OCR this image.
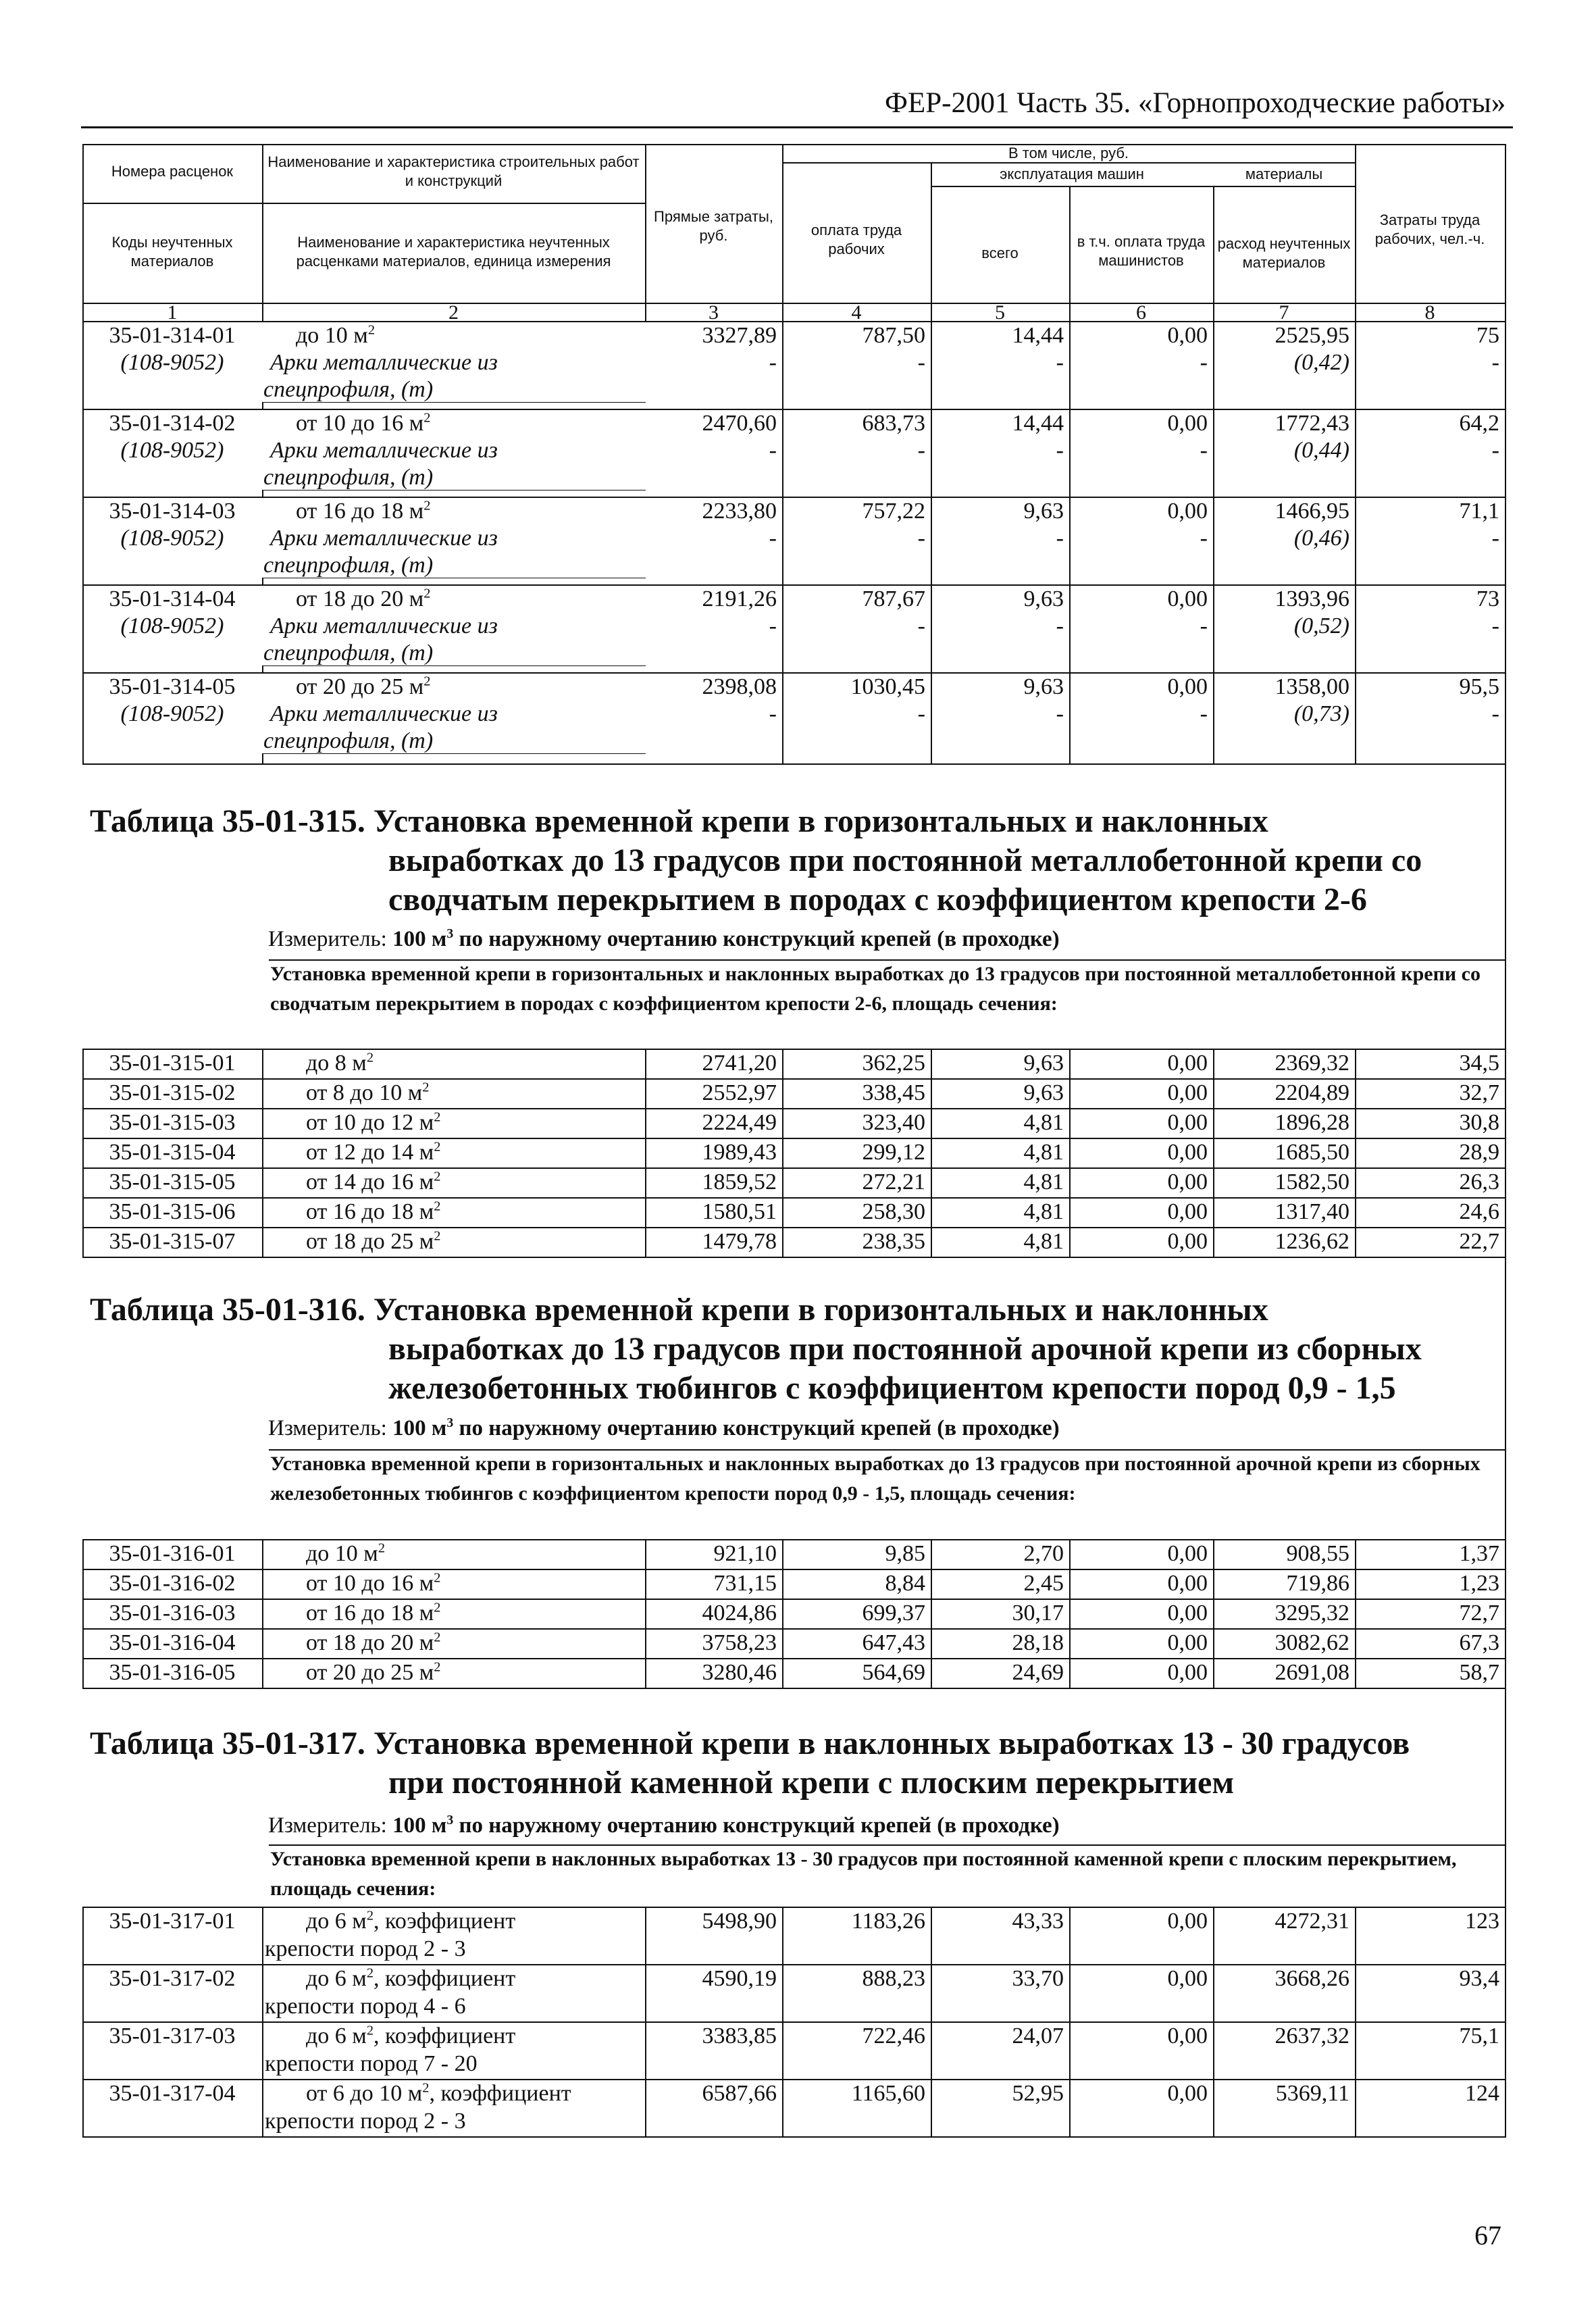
ФЕР-2001 Часть 35. «Горнопроходческие работы»
Номера расценок
Наименование и характеристика строительных работ и конструкций
Коды неучтенных материалов
Наименование и характеристика неучтенных расценками материалов, единица измерения
Прямые затраты, руб.
В том числе, руб.
оплата труда рабочих
эксплуатация машин	материалы
всего
в т.ч. оплата труда машинистов
расход неучтенных материалов
Затраты труда рабочих, чел.-ч.
1	2	3	4	5	6	7	8
35-01-314-01
(108-9052)
до 10 $м^2$
Арки металлические из
спецпрофиля, (т)
3327,89	787,50	14,44	0,00	2525,95	75
-	-	-	-	(0,42)	-
35-01-314-02
(108-9052)
от 10 до 16 $м^2$
Арки металлические из
спецпрофиля, (т)
2470,60	683,73	14,44	0,00	1772,43	64,2
-	-	-	-	(0,44)	-
35-01-314-03
(108-9052)
от 16 до 18 $м^2$
Арки металлические из
спецпрофиля, (т)
2233,80	757,22	9,63	0,00	1466,95	71,1
-	-	-	-	(0,46)	-
35-01-314-04
(108-9052)
от 18 до 20 $м^2$
Арки металлические из
спецпрофиля, (т)
2191,26	787,67	9,63	0,00	1393,96	73
-	-	-	-	(0,52)	-
35-01-314-05
(108-9052)
от 20 до 25 $м^2$
Арки металлические из
спецпрофиля, (т)
2398,08	1030,45	9,63	0,00	1358,00	95,5
-	-	-	-	(0,73)	-
Таблица 35-01-315. Установка временной крепи в горизонтальных и наклонных
выработках до 13 градусов при постоянной металлобетонной крепи со
сводчатым перекрытием в породах с коэффициентом крепости 2-6
Измеритель: 100 $м^3$ по наружному очертанию конструкций крепей (в проходке)
Установка временной крепи в горизонтальных и наклонных выработках до 13 градусов при постоянной металлобетонной крепи со сводчатым перекрытием в породах с коэффициентом крепости 2-6, площадь сечения:
35-01-315-01	до 8 $м^2$	2741,20	362,25	9,63	0,00	2369,32	34,5
35-01-315-02	от 8 до 10 $м^2$	2552,97	338,45	9,63	0,00	2204,89	32,7
35-01-315-03	от 10 до 12 $м^2$	2224,49	323,40	4,81	0,00	1896,28	30,8
35-01-315-04	от 12 до 14 $м^2$	1989,43	299,12	4,81	0,00	1685,50	28,9
35-01-315-05	от 14 до 16 $м^2$	1859,52	272,21	4,81	0,00	1582,50	26,3
35-01-315-06	от 16 до 18 $м^2$	1580,51	258,30	4,81	0,00	1317,40	24,6
35-01-315-07	от 18 до 25 $м^2$	1479,78	238,35	4,81	0,00	1236,62	22,7
Таблица 35-01-316. Установка временной крепи в горизонтальных и наклонных
выработках до 13 градусов при постоянной арочной крепи из сборных
железобетонных тюбингов с коэффициентом крепости пород 0,9 - 1,5
Измеритель: 100 $м^3$ по наружному очертанию конструкций крепей (в проходке)
Установка временной крепи в горизонтальных и наклонных выработках до 13 градусов при постоянной арочной крепи из сборных железобетонных тюбингов с коэффициентом крепости пород 0,9 - 1,5, площадь сечения:
35-01-316-01	до 10 $м^2$	921,10	9,85	2,70	0,00	908,55	1,37
35-01-316-02	от 10 до 16 $м^2$	731,15	8,84	2,45	0,00	719,86	1,23
35-01-316-03	от 16 до 18 $м^2$	4024,86	699,37	30,17	0,00	3295,32	72,7
35-01-316-04	от 18 до 20 $м^2$	3758,23	647,43	28,18	0,00	3082,62	67,3
35-01-316-05	от 20 до 25 $м^2$	3280,46	564,69	24,69	0,00	2691,08	58,7
Таблица 35-01-317. Установка временной крепи в наклонных выработках 13 - 30 градусов
при постоянной каменной крепи с плоским перекрытием
Измеритель: 100 $м^3$ по наружному очертанию конструкций крепей (в проходке)
Установка временной крепи в наклонных выработках 13 - 30 градусов при постоянной каменной крепи с плоским перекрытием, площадь сечения:
35-01-317-01	до 6 $м^2$, коэффициент
крепости пород 2 - 3
5498,90	1183,26	43,33	0,00	4272,31	123
35-01-317-02	до 6 $м^2$, коэффициент
крепости пород 4 - 6
4590,19	888,23	33,70	0,00	3668,26	93,4
35-01-317-03	до 6 $м^2$, коэффициент
крепости пород 7 - 20
3383,85	722,46	24,07	0,00	2637,32	75,1
35-01-317-04	от 6 до 10 $м^2$, коэффициент
крепости пород 2 - 3
6587,66	1165,60	52,95	0,00	5369,11	124
67
